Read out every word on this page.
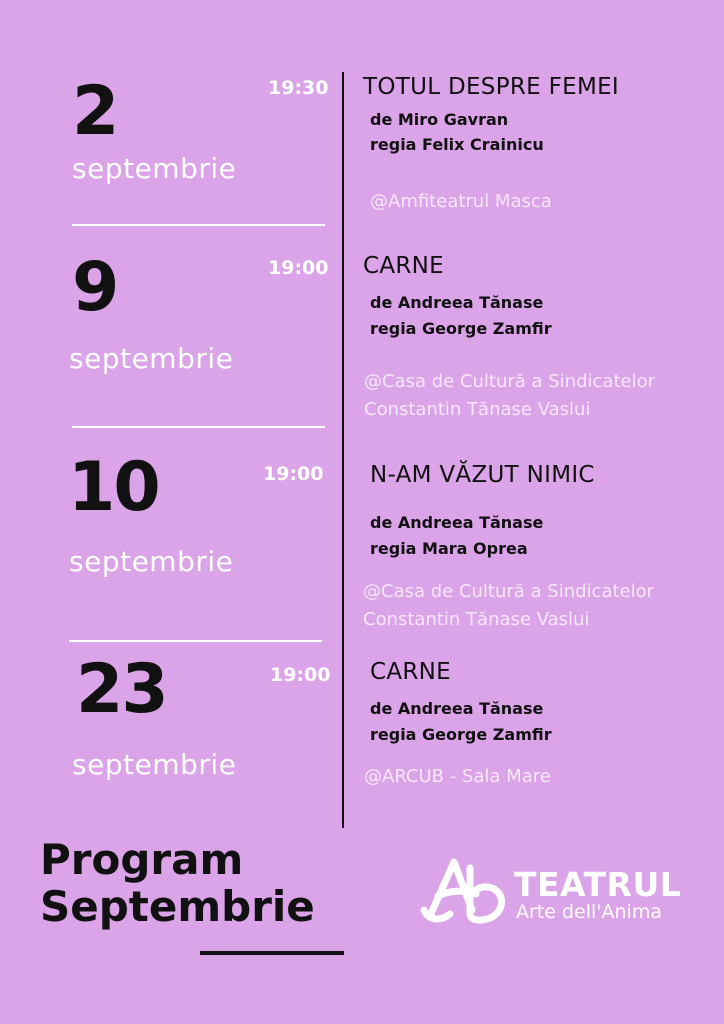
2	19:30
septembrie
TOTUL DESPRE FEMEI
de Miro Gavran
regia Felix Crainicu
@Amfiteatrul Masca
9	19:00
septembrie
CARNE
de Andreea Tănase
regia George Zamfir
@Casa de Cultură a Sindicatelor
Constantin Tănase Vaslui
10	19:00
septembrie
N-AM VĂZUT NIMIC
de Andreea Tănase
regia Mara Oprea
@Casa de Cultură a Sindicatelor
Constantin Tănase Vaslui
23	19:00
septembrie
CARNE
de Andreea Tănase
regia George Zamfir
@ARCUB - Sala Mare
Program
Septembrie	TEATRUL
Arte dell'Anima
